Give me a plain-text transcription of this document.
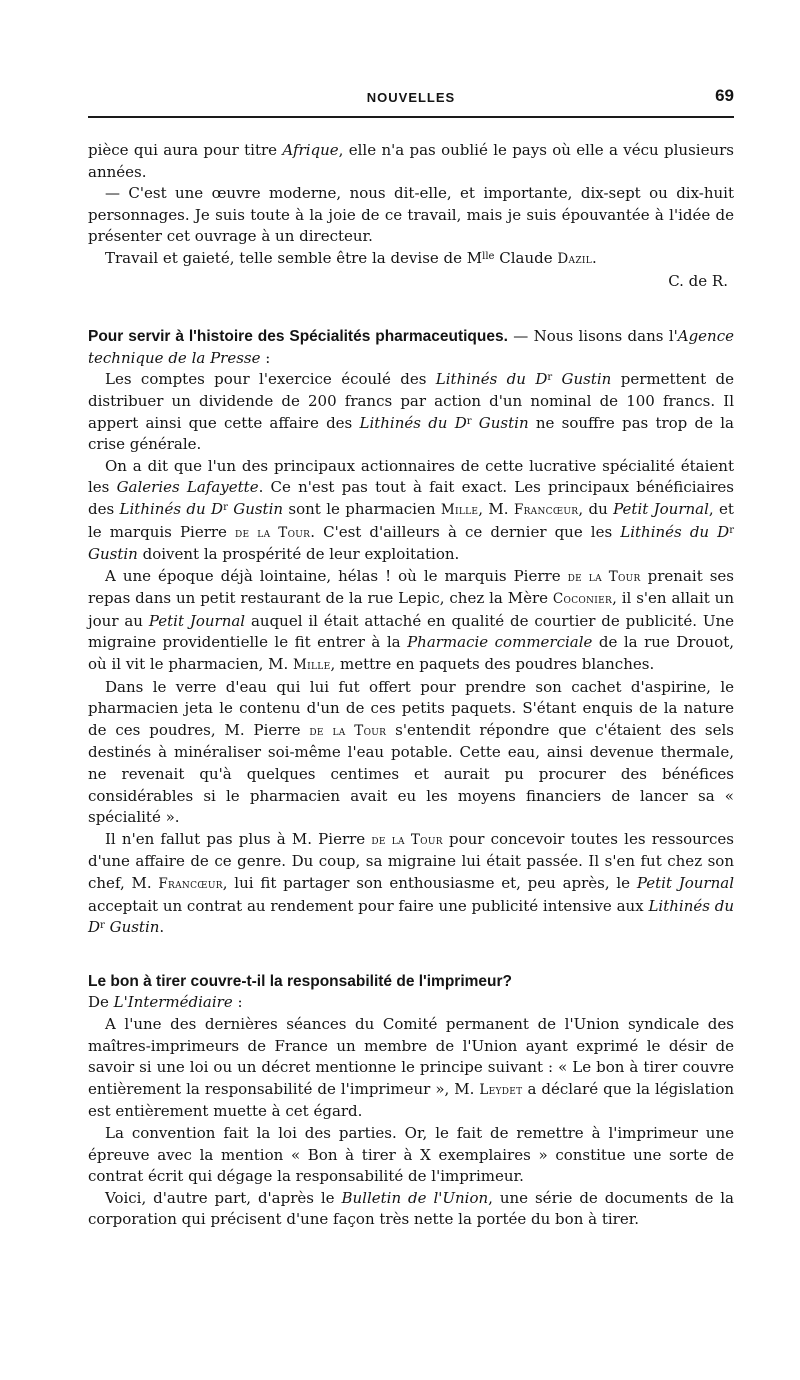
NOUVELLES	69

pièce qui aura pour titre Afrique, elle n'a pas oublié le pays où elle a vécu plusieurs années.

— C'est une œuvre moderne, nous dit-elle, et importante, dix-sept ou dix-huit personnages. Je suis toute à la joie de ce travail, mais je suis épouvantée à l'idée de présenter cet ouvrage à un directeur.

Travail et gaieté, telle semble être la devise de $M^{lle}$ Claude Dazil.

C. de R.

Pour servir à l'histoire des Spécialités pharmaceutiques. — Nous lisons dans l'Agence technique de la Presse :

Les comptes pour l'exercice écoulé des Lithinés du $D^r$ Gustin permettent de distribuer un dividende de 200 francs par action d'un nominal de 100 francs. Il appert ainsi que cette affaire des Lithinés du $D^r$ Gustin ne souffre pas trop de la crise générale.

On a dit que l'un des principaux actionnaires de cette lucrative spécialité étaient les Galeries Lafayette. Ce n'est pas tout à fait exact. Les principaux bénéficiaires des Lithinés du $D^r$ Gustin sont le pharmacien Mille, M. Francœur, du Petit Journal, et le marquis Pierre de la Tour. C'est d'ailleurs à ce dernier que les Lithinés du $D^r$ Gustin doivent la prospérité de leur exploitation.

A une époque déjà lointaine, hélas ! où le marquis Pierre de la Tour prenait ses repas dans un petit restaurant de la rue Lepic, chez la Mère Coconier, il s'en allait un jour au Petit Journal auquel il était attaché en qualité de courtier de publicité. Une migraine providentielle le fit entrer à la Pharmacie commerciale de la rue Drouot, où il vit le pharmacien, M. Mille, mettre en paquets des poudres blanches.

Dans le verre d'eau qui lui fut offert pour prendre son cachet d'aspirine, le pharmacien jeta le contenu d'un de ces petits paquets. S'étant enquis de la nature de ces poudres, M. Pierre de la Tour s'entendit répondre que c'étaient des sels destinés à minéraliser soi-même l'eau potable. Cette eau, ainsi devenue thermale, ne revenait qu'à quelques centimes et aurait pu procurer des bénéfices considérables si le pharmacien avait eu les moyens financiers de lancer sa « spécialité ».

Il n'en fallut pas plus à M. Pierre de la Tour pour concevoir toutes les ressources d'une affaire de ce genre. Du coup, sa migraine lui était passée. Il s'en fut chez son chef, M. Francœur, lui fit partager son enthousiasme et, peu après, le Petit Journal acceptait un contrat au rendement pour faire une publicité intensive aux Lithinés du $D^r$ Gustin.

Le bon à tirer couvre-t-il la responsabilité de l'imprimeur?

De L'Intermédiaire :

A l'une des dernières séances du Comité permanent de l'Union syndicale des maîtres-imprimeurs de France un membre de l'Union ayant exprimé le désir de savoir si une loi ou un décret mentionne le principe suivant : « Le bon à tirer couvre entièrement la responsabilité de l'imprimeur », M. Leydet a déclaré que la législation est entièrement muette à cet égard.

La convention fait la loi des parties. Or, le fait de remettre à l'imprimeur une épreuve avec la mention « Bon à tirer à X exemplaires » constitue une sorte de contrat écrit qui dégage la responsabilité de l'imprimeur.

Voici, d'autre part, d'après le Bulletin de l'Union, une série de documents de la corporation qui précisent d'une façon très nette la portée du bon à tirer.
